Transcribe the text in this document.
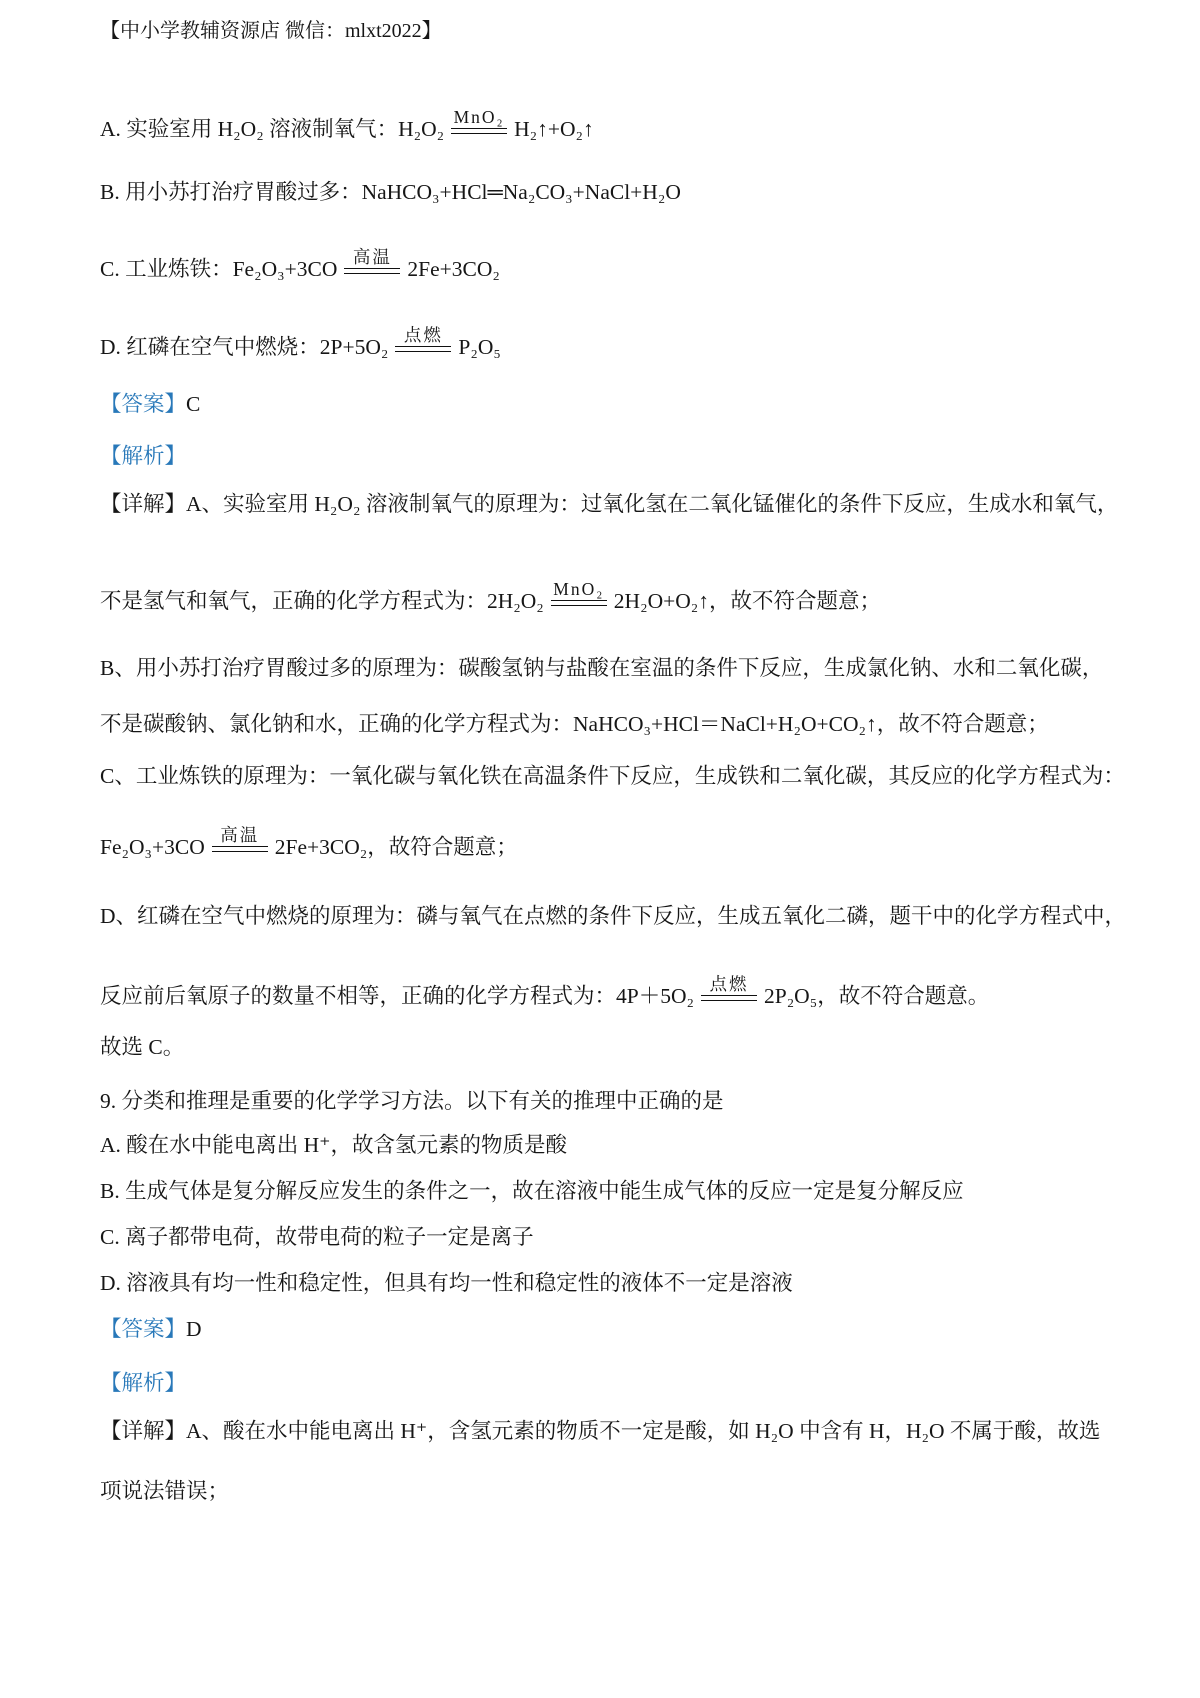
【中小学教辅资源店 微信：mlxt2022】
A. 实验室用 H₂O₂ 溶液制氧气：H₂O₂ MnO₂ H₂↑+O₂↑
B. 用小苏打治疗胃酸过多：NaHCO₃+HCl═Na₂CO₃+NaCl+H₂O
C. 工业炼铁：Fe₂O₃+3CO 高温 2Fe+3CO₂
D. 红磷在空气中燃烧：2P+5O₂ 点燃 P₂O₅
【答案】C
【解析】
【详解】A、实验室用 H₂O₂ 溶液制氧气的原理为：过氧化氢在二氧化锰催化的条件下反应，生成水和氧气，
不是氢气和氧气，正确的化学方程式为：2H₂O₂ MnO₂ 2H₂O+O₂↑，故不符合题意；
B、用小苏打治疗胃酸过多的原理为：碳酸氢钠与盐酸在室温的条件下反应，生成氯化钠、水和二氧化碳，
不是碳酸钠、氯化钠和水，正确的化学方程式为：NaHCO₃+HCl＝NaCl+H₂O+CO₂↑，故不符合题意；
C、工业炼铁的原理为：一氧化碳与氧化铁在高温条件下反应，生成铁和二氧化碳，其反应的化学方程式为：
Fe₂O₃+3CO 高温 2Fe+3CO₂，故符合题意；
D、红磷在空气中燃烧的原理为：磷与氧气在点燃的条件下反应，生成五氧化二磷，题干中的化学方程式中，
反应前后氧原子的数量不相等，正确的化学方程式为：4P＋5O₂ 点燃 2P₂O₅，故不符合题意。
故选 C。
9. 分类和推理是重要的化学学习方法。以下有关的推理中正确的是
A. 酸在水中能电离出 H⁺，故含氢元素的物质是酸
B. 生成气体是复分解反应发生的条件之一，故在溶液中能生成气体的反应一定是复分解反应
C. 离子都带电荷，故带电荷的粒子一定是离子
D. 溶液具有均一性和稳定性，但具有均一性和稳定性的液体不一定是溶液
【答案】D
【解析】
【详解】A、酸在水中能电离出 H⁺，含氢元素的物质不一定是酸，如 H₂O 中含有 H，H₂O 不属于酸，故选
项说法错误；
